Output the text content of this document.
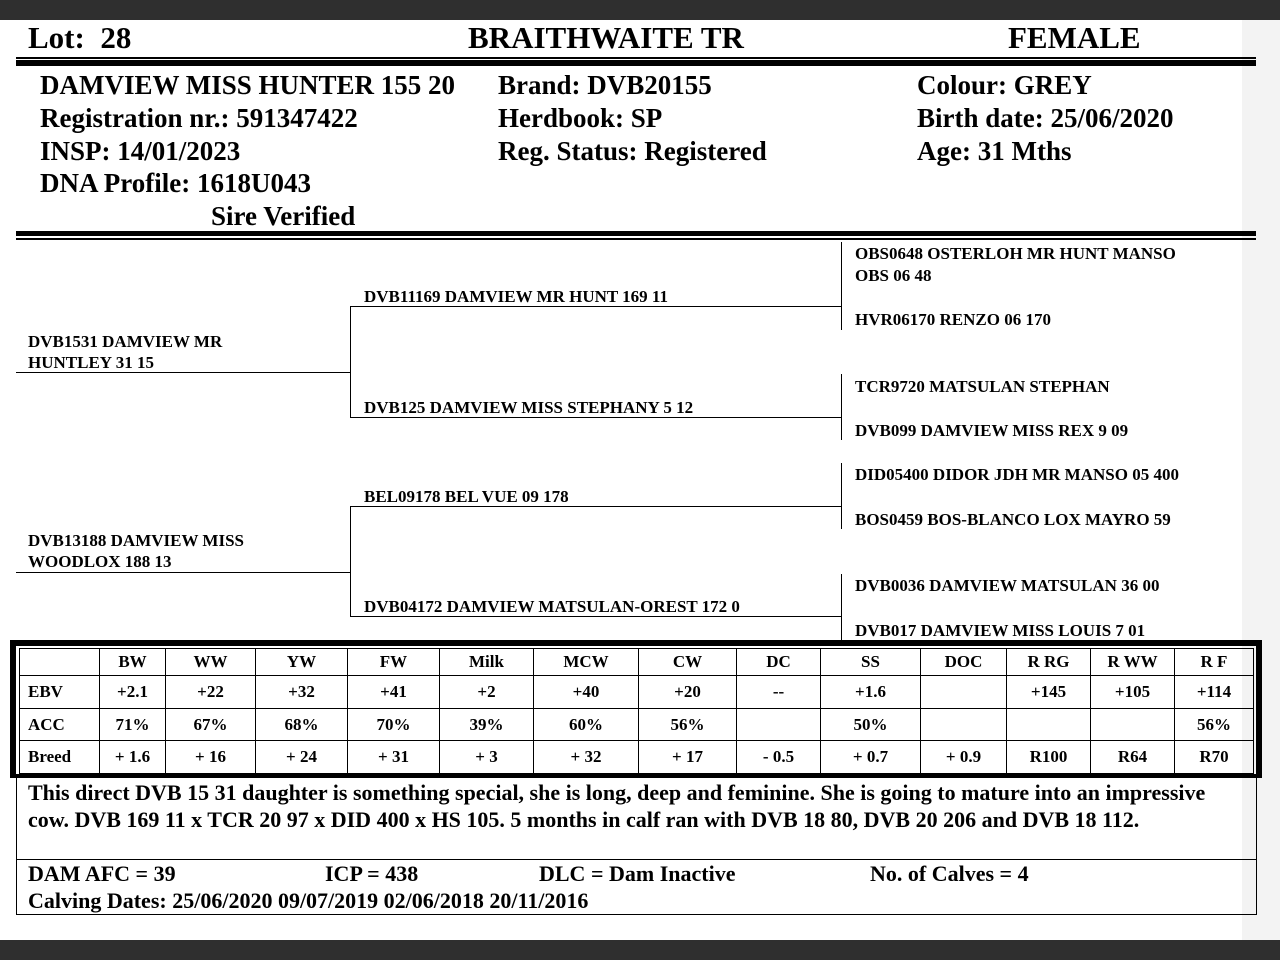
Lot: 28	BRAITHWAITE TR	FEMALE
DAMVIEW MISS HUNTER 155 20
Registration nr.: 591347422
INSP: 14/01/2023
DNA Profile: 1618U043
Sire Verified
Brand: DVB20155
Herdbook: SP
Reg. Status: Registered
Colour: GREY
Birth date: 25/06/2020
Age: 31 Mths
DVB1531 DAMVIEW MR
HUNTLEY 31 15
DVB13188 DAMVIEW MISS
WOODLOX 188 13
DVB11169 DAMVIEW MR HUNT 169 11
DVB125 DAMVIEW MISS STEPHANY 5 12
BEL09178 BEL VUE 09 178
DVB04172 DAMVIEW MATSULAN-OREST 172 0
OBS0648 OSTERLOH MR HUNT MANSO
OBS 06 48
HVR06170 RENZO 06 170
TCR9720 MATSULAN STEPHAN
DVB099 DAMVIEW MISS REX 9 09
DID05400 DIDOR JDH MR MANSO 05 400
BOS0459 BOS-BLANCO LOX MAYRO 59
DVB0036 DAMVIEW MATSULAN 36 00
DVB017 DAMVIEW MISS LOUIS 7 01
	BW	WW	YW	FW	Milk	MCW	CW	DC	SS	DOC	R RG	R WW	R F
EBV	+2.1	+22	+32	+41	+2	+40	+20	--	+1.6		+145	+105	+114
ACC	71%	67%	68%	70%	39%	60%	56%		50%				56%
Breed	+ 1.6	+ 16	+ 24	+ 31	+ 3	+ 32	+ 17	- 0.5	+ 0.7	+ 0.9	R100	R64	R70
This direct DVB 15 31 daughter is something special, she is long, deep and feminine. She is going to mature into an impressive cow. DVB 169 11 x TCR 20 97 x DID 400 x HS 105. 5 months in calf ran with DVB 18 80, DVB 20 206 and DVB 18 112.
DAM AFC = 39	ICP = 438	DLC = Dam Inactive	No. of Calves = 4
Calving Dates: 25/06/2020 09/07/2019 02/06/2018 20/11/2016
